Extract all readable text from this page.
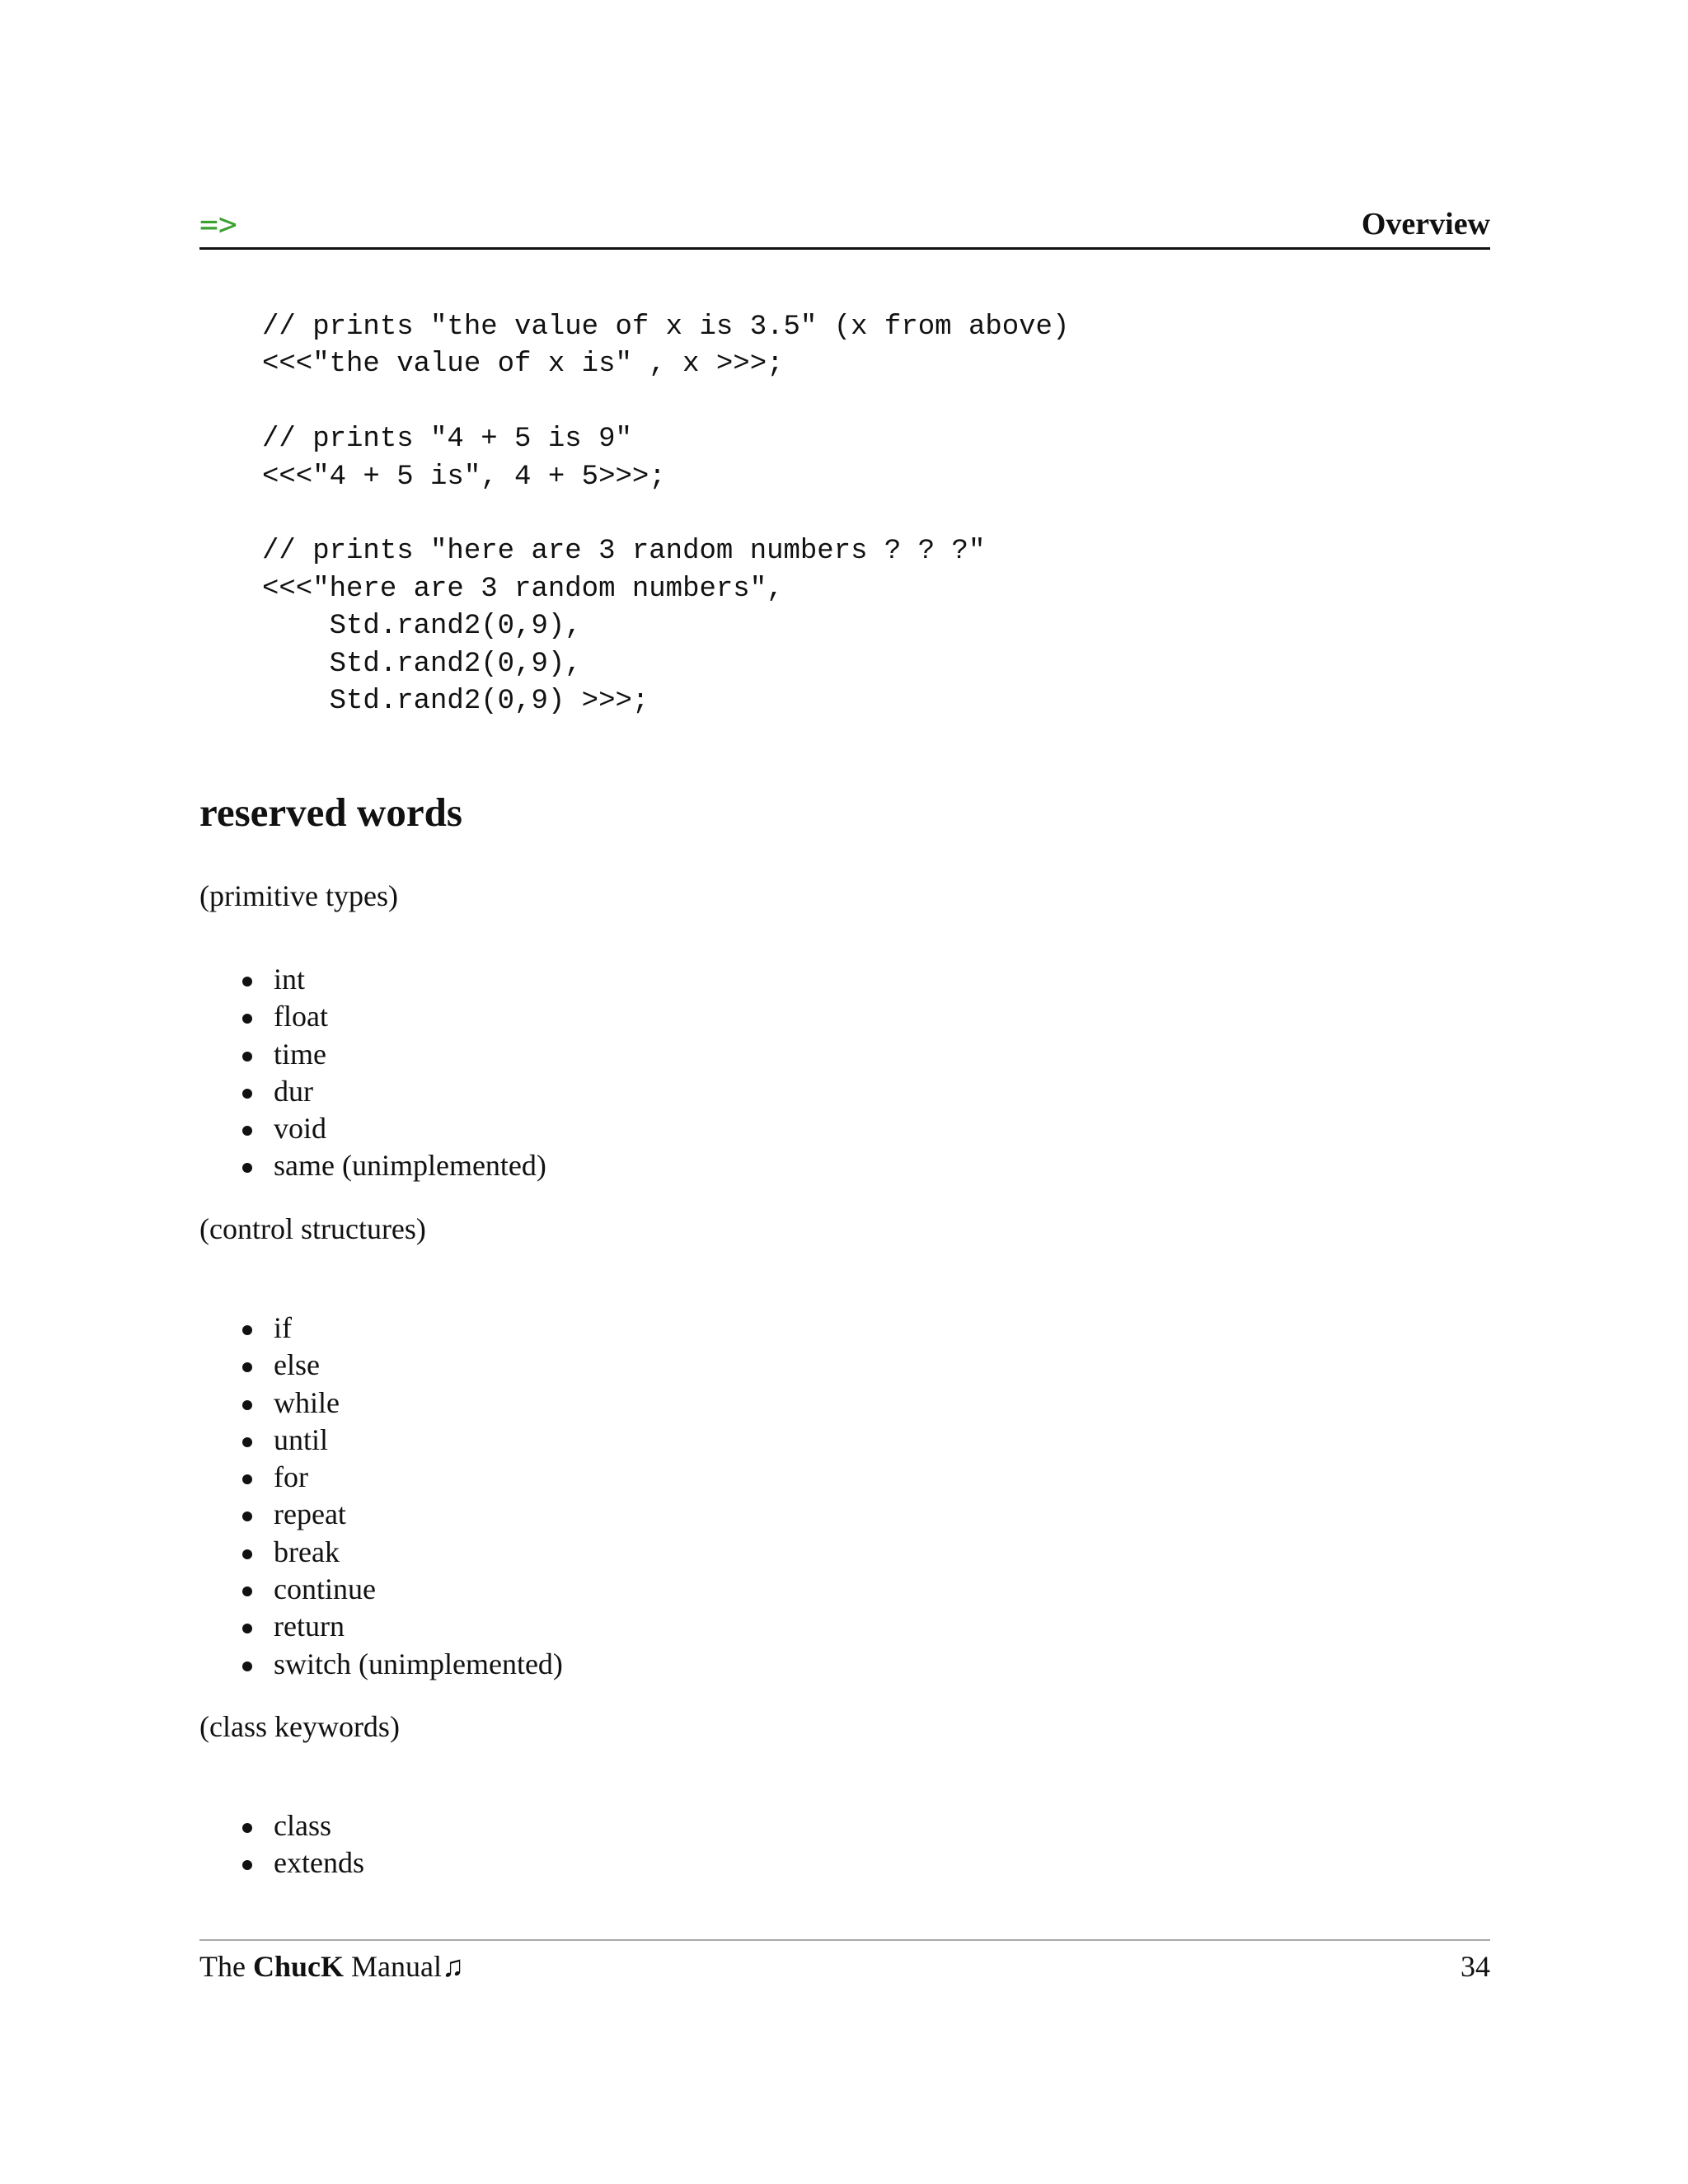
=>	Overview
// prints "the value of x is 3.5" (x from above)
<<<"the value of x is" , x >>>;
// prints "4 + 5 is 9"
<<<"4 + 5 is", 4 + 5>>>;
// prints "here are 3 random numbers ? ? ?"
<<<"here are 3 random numbers",
Std.rand2(0,9),
Std.rand2(0,9),
Std.rand2(0,9) >>>;
reserved words
(primitive types)
int
float
time
dur
void
same (unimplemented)
(control structures)
if
else
while
until
for
repeat
break
continue
return
switch (unimplemented)
(class keywords)
class
extends
The ChucK Manual♫	34
